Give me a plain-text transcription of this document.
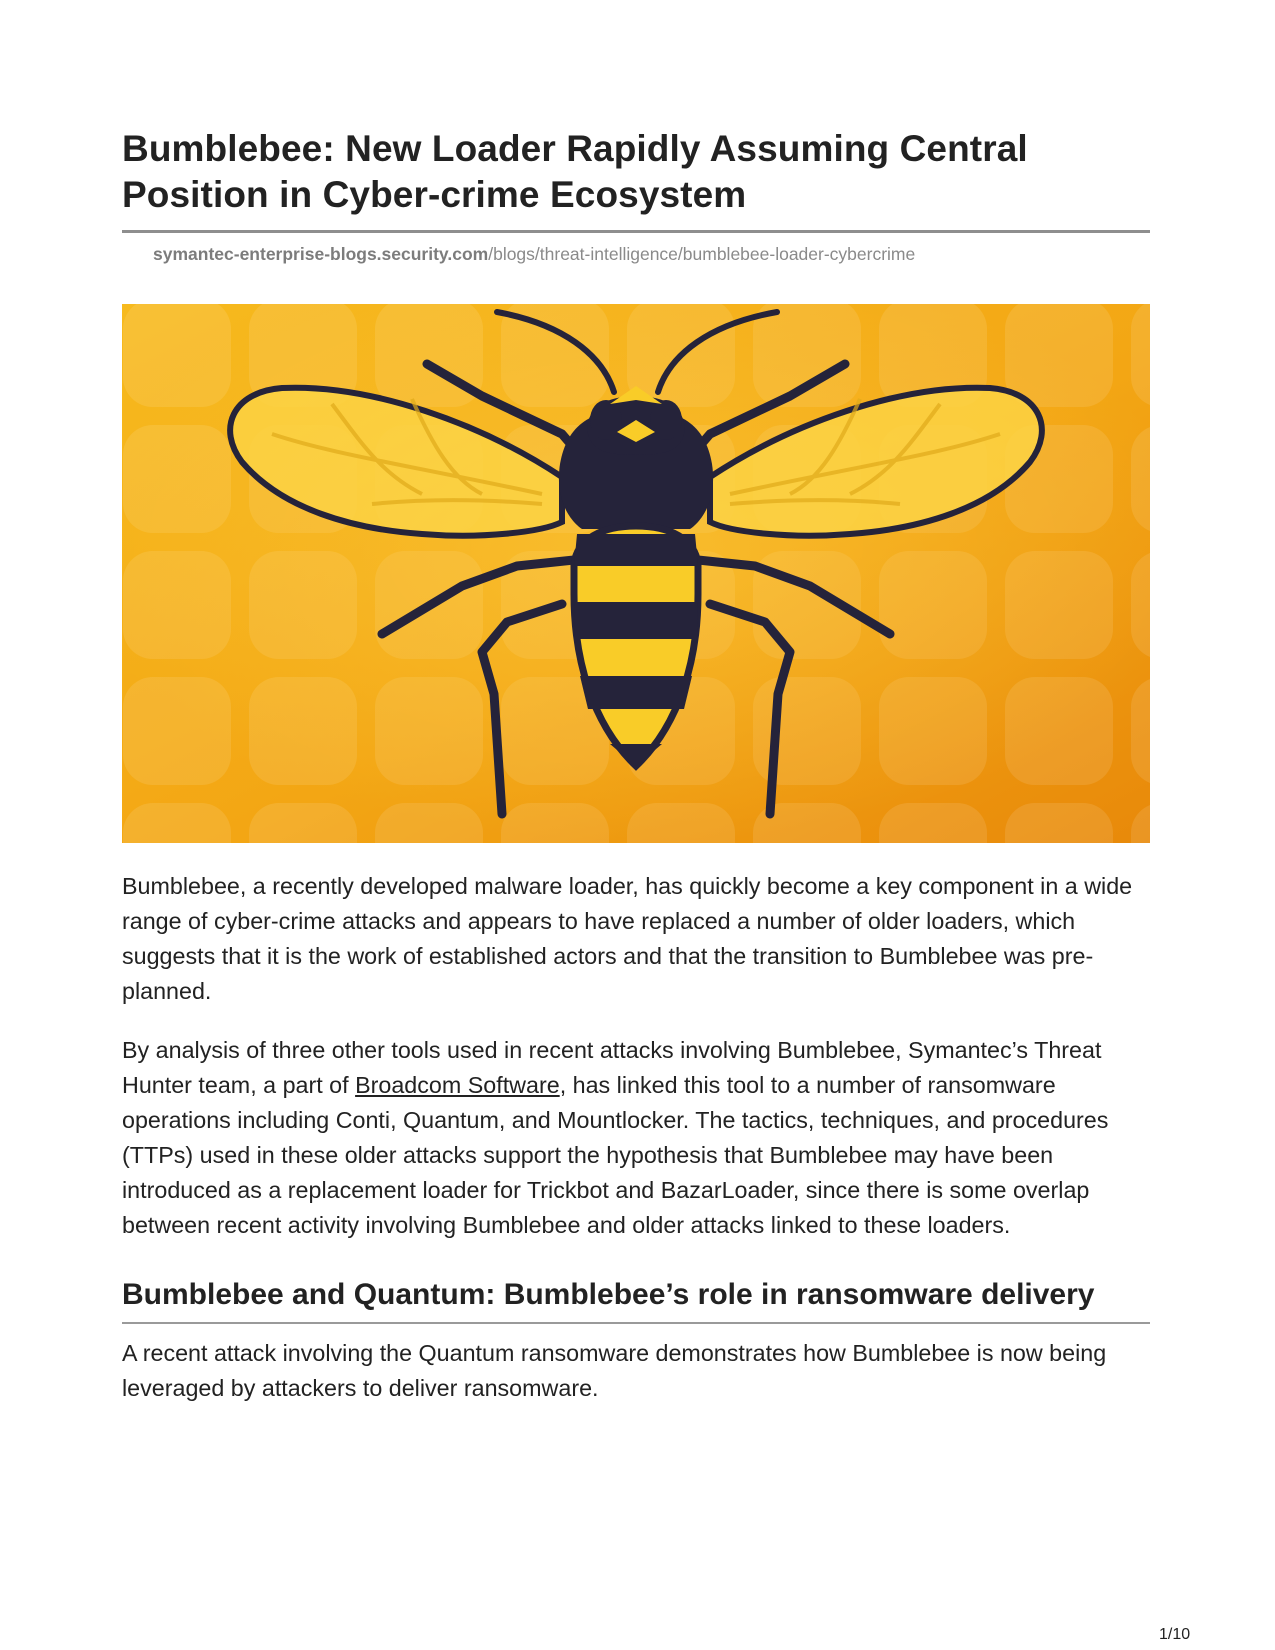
Bumblebee: New Loader Rapidly Assuming Central
Position in Cyber-crime Ecosystem
symantec-enterprise-blogs.security.com/blogs/threat-intelligence/bumblebee-loader-cybercrime

Bumblebee, a recently developed malware loader, has quickly become a key component in a wide range of cyber-crime attacks and appears to have replaced a number of older loaders, which suggests that it is the work of established actors and that the transition to Bumblebee was pre-planned.

By analysis of three other tools used in recent attacks involving Bumblebee, Symantec’s Threat Hunter team, a part of Broadcom Software, has linked this tool to a number of ransomware operations including Conti, Quantum, and Mountlocker. The tactics, techniques, and procedures (TTPs) used in these older attacks support the hypothesis that Bumblebee may have been introduced as a replacement loader for Trickbot and BazarLoader, since there is some overlap between recent activity involving Bumblebee and older attacks linked to these loaders.

Bumblebee and Quantum: Bumblebee’s role in ransomware delivery

A recent attack involving the Quantum ransomware demonstrates how Bumblebee is now being leveraged by attackers to deliver ransomware.

1/10
